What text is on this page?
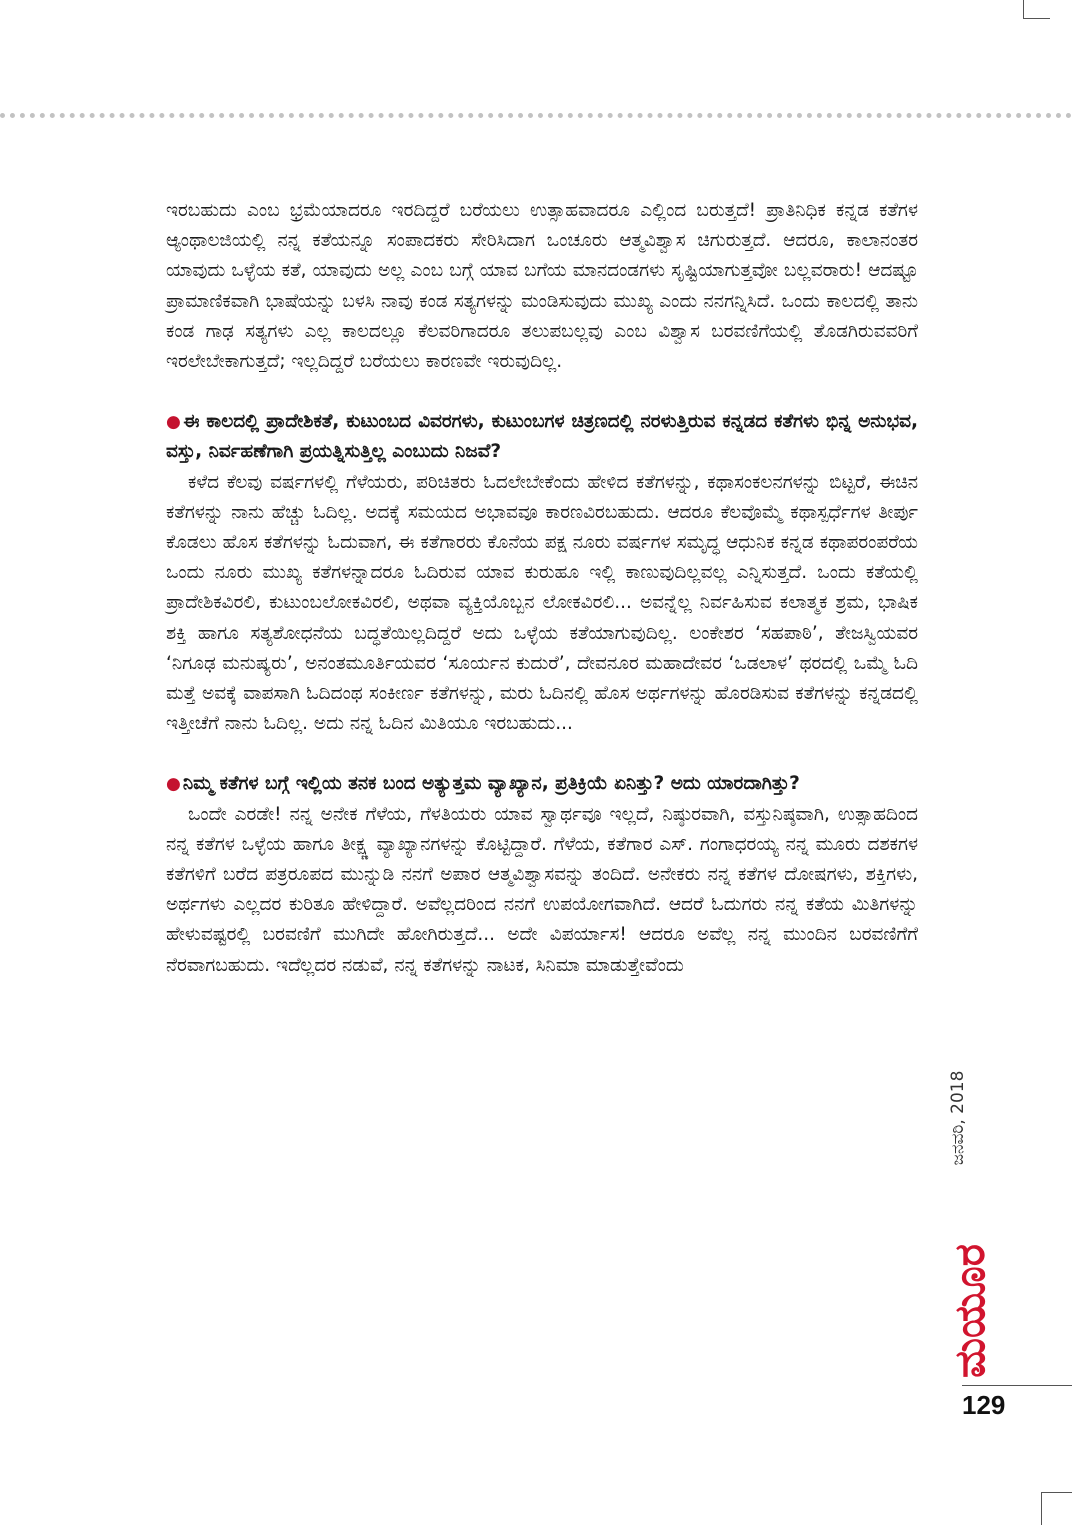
ಇರಬಹುದು ಎಂಬ ಭ್ರಮೆಯಾದರೂ ಇರದಿದ್ದರೆ ಬರೆಯಲು ಉತ್ಸಾಹವಾದರೂ ಎಲ್ಲಿಂದ ಬರುತ್ತದೆ! ಪ್ರಾತಿನಿಧಿಕ ಕನ್ನಡ ಕತೆಗಳ ಆ್ಯಂಥಾಲಜಿಯಲ್ಲಿ ನನ್ನ ಕತೆಯನ್ನೂ ಸಂಪಾದಕರು ಸೇರಿಸಿದಾಗ ಒಂಚೂರು ಆತ್ಮವಿಶ್ವಾಸ ಚಿಗುರುತ್ತದೆ. ಆದರೂ, ಕಾಲಾನಂತರ ಯಾವುದು ಒಳ್ಳೆಯ ಕತೆ, ಯಾವುದು ಅಲ್ಲ ಎಂಬ ಬಗ್ಗೆ ಯಾವ ಬಗೆಯ ಮಾನದಂಡಗಳು ಸೃಷ್ಟಿಯಾಗುತ್ತವೋ ಬಲ್ಲವರಾರು! ಆದಷ್ಟೂ ಪ್ರಾಮಾಣಿಕವಾಗಿ ಭಾಷೆಯನ್ನು ಬಳಸಿ ನಾವು ಕಂಡ ಸತ್ಯಗಳನ್ನು ಮಂಡಿಸುವುದು ಮುಖ್ಯ ಎಂದು ನನಗನ್ನಿಸಿದೆ. ಒಂದು ಕಾಲದಲ್ಲಿ ತಾನು ಕಂಡ ಗಾಢ ಸತ್ಯಗಳು ಎಲ್ಲ ಕಾಲದಲ್ಲೂ ಕೆಲವರಿಗಾದರೂ ತಲುಪಬಲ್ಲವು ಎಂಬ ವಿಶ್ವಾಸ ಬರವಣಿಗೆಯಲ್ಲಿ ತೊಡಗಿರುವವರಿಗೆ ಇರಲೇಬೇಕಾಗುತ್ತದೆ; ಇಲ್ಲದಿದ್ದರೆ ಬರೆಯಲು ಕಾರಣವೇ ಇರುವುದಿಲ್ಲ.

● ಈ ಕಾಲದಲ್ಲಿ ಪ್ರಾದೇಶಿಕತೆ, ಕುಟುಂಬದ ವಿವರಗಳು, ಕುಟುಂಬಗಳ ಚಿತ್ರಣದಲ್ಲಿ ನರಳುತ್ತಿರುವ ಕನ್ನಡದ ಕತೆಗಳು ಭಿನ್ನ ಅನುಭವ, ವಸ್ತು, ನಿರ್ವಹಣೆಗಾಗಿ ಪ್ರಯತ್ನಿಸುತ್ತಿಲ್ಲ ಎಂಬುದು ನಿಜವೆ?

ಕಳೆದ ಕೆಲವು ವರ್ಷಗಳಲ್ಲಿ ಗೆಳೆಯರು, ಪರಿಚಿತರು ಓದಲೇಬೇಕೆಂದು ಹೇಳಿದ ಕತೆಗಳನ್ನು, ಕಥಾಸಂಕಲನಗಳನ್ನು ಬಿಟ್ಟರೆ, ಈಚಿನ ಕತೆಗಳನ್ನು ನಾನು ಹೆಚ್ಚು ಓದಿಲ್ಲ. ಅದಕ್ಕೆ ಸಮಯದ ಅಭಾವವೂ ಕಾರಣವಿರಬಹುದು. ಆದರೂ ಕೆಲವೊಮ್ಮೆ ಕಥಾಸ್ಪರ್ಧೆಗಳ ತೀರ್ಪು ಕೊಡಲು ಹೊಸ ಕತೆಗಳನ್ನು ಓದುವಾಗ, ಈ ಕತೆಗಾರರು ಕೊನೆಯ ಪಕ್ಷ ನೂರು ವರ್ಷಗಳ ಸಮೃದ್ಧ ಆಧುನಿಕ ಕನ್ನಡ ಕಥಾಪರಂಪರೆಯ ಒಂದು ನೂರು ಮುಖ್ಯ ಕತೆಗಳನ್ನಾದರೂ ಓದಿರುವ ಯಾವ ಕುರುಹೂ ಇಲ್ಲಿ ಕಾಣುವುದಿಲ್ಲವಲ್ಲ ಎನ್ನಿಸುತ್ತದೆ. ಒಂದು ಕತೆಯಲ್ಲಿ ಪ್ರಾದೇಶಿಕವಿರಲಿ, ಕುಟುಂಬಲೋಕವಿರಲಿ, ಅಥವಾ ವ್ಯಕ್ತಿಯೊಬ್ಬನ ಲೋಕವಿರಲಿ... ಅವನ್ನೆಲ್ಲ ನಿರ್ವಹಿಸುವ ಕಲಾತ್ಮಕ ಶ್ರಮ, ಭಾಷಿಕ ಶಕ್ತಿ ಹಾಗೂ ಸತ್ಯಶೋಧನೆಯ ಬದ್ಧತೆಯಿಲ್ಲದಿದ್ದರೆ ಅದು ಒಳ್ಳೆಯ ಕತೆಯಾಗುವುದಿಲ್ಲ. ಲಂಕೇಶರ ‘ಸಹಪಾಠಿ’, ತೇಜಸ್ವಿಯವರ ‘ನಿಗೂಢ ಮನುಷ್ಯರು’, ಅನಂತಮೂರ್ತಿಯವರ ‘ಸೂರ್ಯನ ಕುದುರೆ’, ದೇವನೂರ ಮಹಾದೇವರ ‘ಒಡಲಾಳ’ ಥರದಲ್ಲಿ ಒಮ್ಮೆ ಓದಿ ಮತ್ತೆ ಅವಕ್ಕೆ ವಾಪಸಾಗಿ ಓದಿದಂಥ ಸಂಕೀರ್ಣ ಕತೆಗಳನ್ನು, ಮರು ಓದಿನಲ್ಲಿ ಹೊಸ ಅರ್ಥಗಳನ್ನು ಹೊರಡಿಸುವ ಕತೆಗಳನ್ನು ಕನ್ನಡದಲ್ಲಿ ಇತ್ತೀಚೆಗೆ ನಾನು ಓದಿಲ್ಲ. ಅದು ನನ್ನ ಓದಿನ ಮಿತಿಯೂ ಇರಬಹುದು...

● ನಿಮ್ಮ ಕತೆಗಳ ಬಗ್ಗೆ ಇಲ್ಲಿಯ ತನಕ ಬಂದ ಅತ್ಯುತ್ತಮ ವ್ಯಾಖ್ಯಾನ, ಪ್ರತಿಕ್ರಿಯೆ ಏನಿತ್ತು? ಅದು ಯಾರದಾಗಿತ್ತು?

ಒಂದೇ ಎರಡೇ! ನನ್ನ ಅನೇಕ ಗೆಳೆಯ, ಗೆಳತಿಯರು ಯಾವ ಸ್ವಾರ್ಥವೂ ಇಲ್ಲದೆ, ನಿಷ್ಠುರವಾಗಿ, ವಸ್ತುನಿಷ್ಠವಾಗಿ, ಉತ್ಸಾಹದಿಂದ ನನ್ನ ಕತೆಗಳ ಒಳ್ಳೆಯ ಹಾಗೂ ತೀಕ್ಷ್ಣ ವ್ಯಾಖ್ಯಾನಗಳನ್ನು ಕೊಟ್ಟಿದ್ದಾರೆ. ಗೆಳೆಯ, ಕತೆಗಾರ ಎಸ್. ಗಂಗಾಧರಯ್ಯ ನನ್ನ ಮೂರು ದಶಕಗಳ ಕತೆಗಳಿಗೆ ಬರೆದ ಪತ್ರರೂಪದ ಮುನ್ನುಡಿ ನನಗೆ ಅಪಾರ ಆತ್ಮವಿಶ್ವಾಸವನ್ನು ತಂದಿದೆ. ಅನೇಕರು ನನ್ನ ಕತೆಗಳ ದೋಷಗಳು, ಶಕ್ತಿಗಳು, ಅರ್ಥಗಳು ಎಲ್ಲದರ ಕುರಿತೂ ಹೇಳಿದ್ದಾರೆ. ಅವೆಲ್ಲದರಿಂದ ನನಗೆ ಉಪಯೋಗವಾಗಿದೆ. ಆದರೆ ಓದುಗರು ನನ್ನ ಕತೆಯ ಮಿತಿಗಳನ್ನು ಹೇಳುವಷ್ಟರಲ್ಲಿ ಬರವಣಿಗೆ ಮುಗಿದೇ ಹೋಗಿರುತ್ತದೆ... ಅದೇ ವಿಪರ್ಯಾಸ! ಆದರೂ ಅವೆಲ್ಲ ನನ್ನ ಮುಂದಿನ ಬರವಣಿಗೆಗೆ ನೆರವಾಗಬಹುದು. ಇದೆಲ್ಲದರ ನಡುವೆ, ನನ್ನ ಕತೆಗಳನ್ನು ನಾಟಕ, ಸಿನಿಮಾ ಮಾಡುತ್ತೇವೆಂದು

ಜನವರಿ, 2018
ಮಯೂರ
129
